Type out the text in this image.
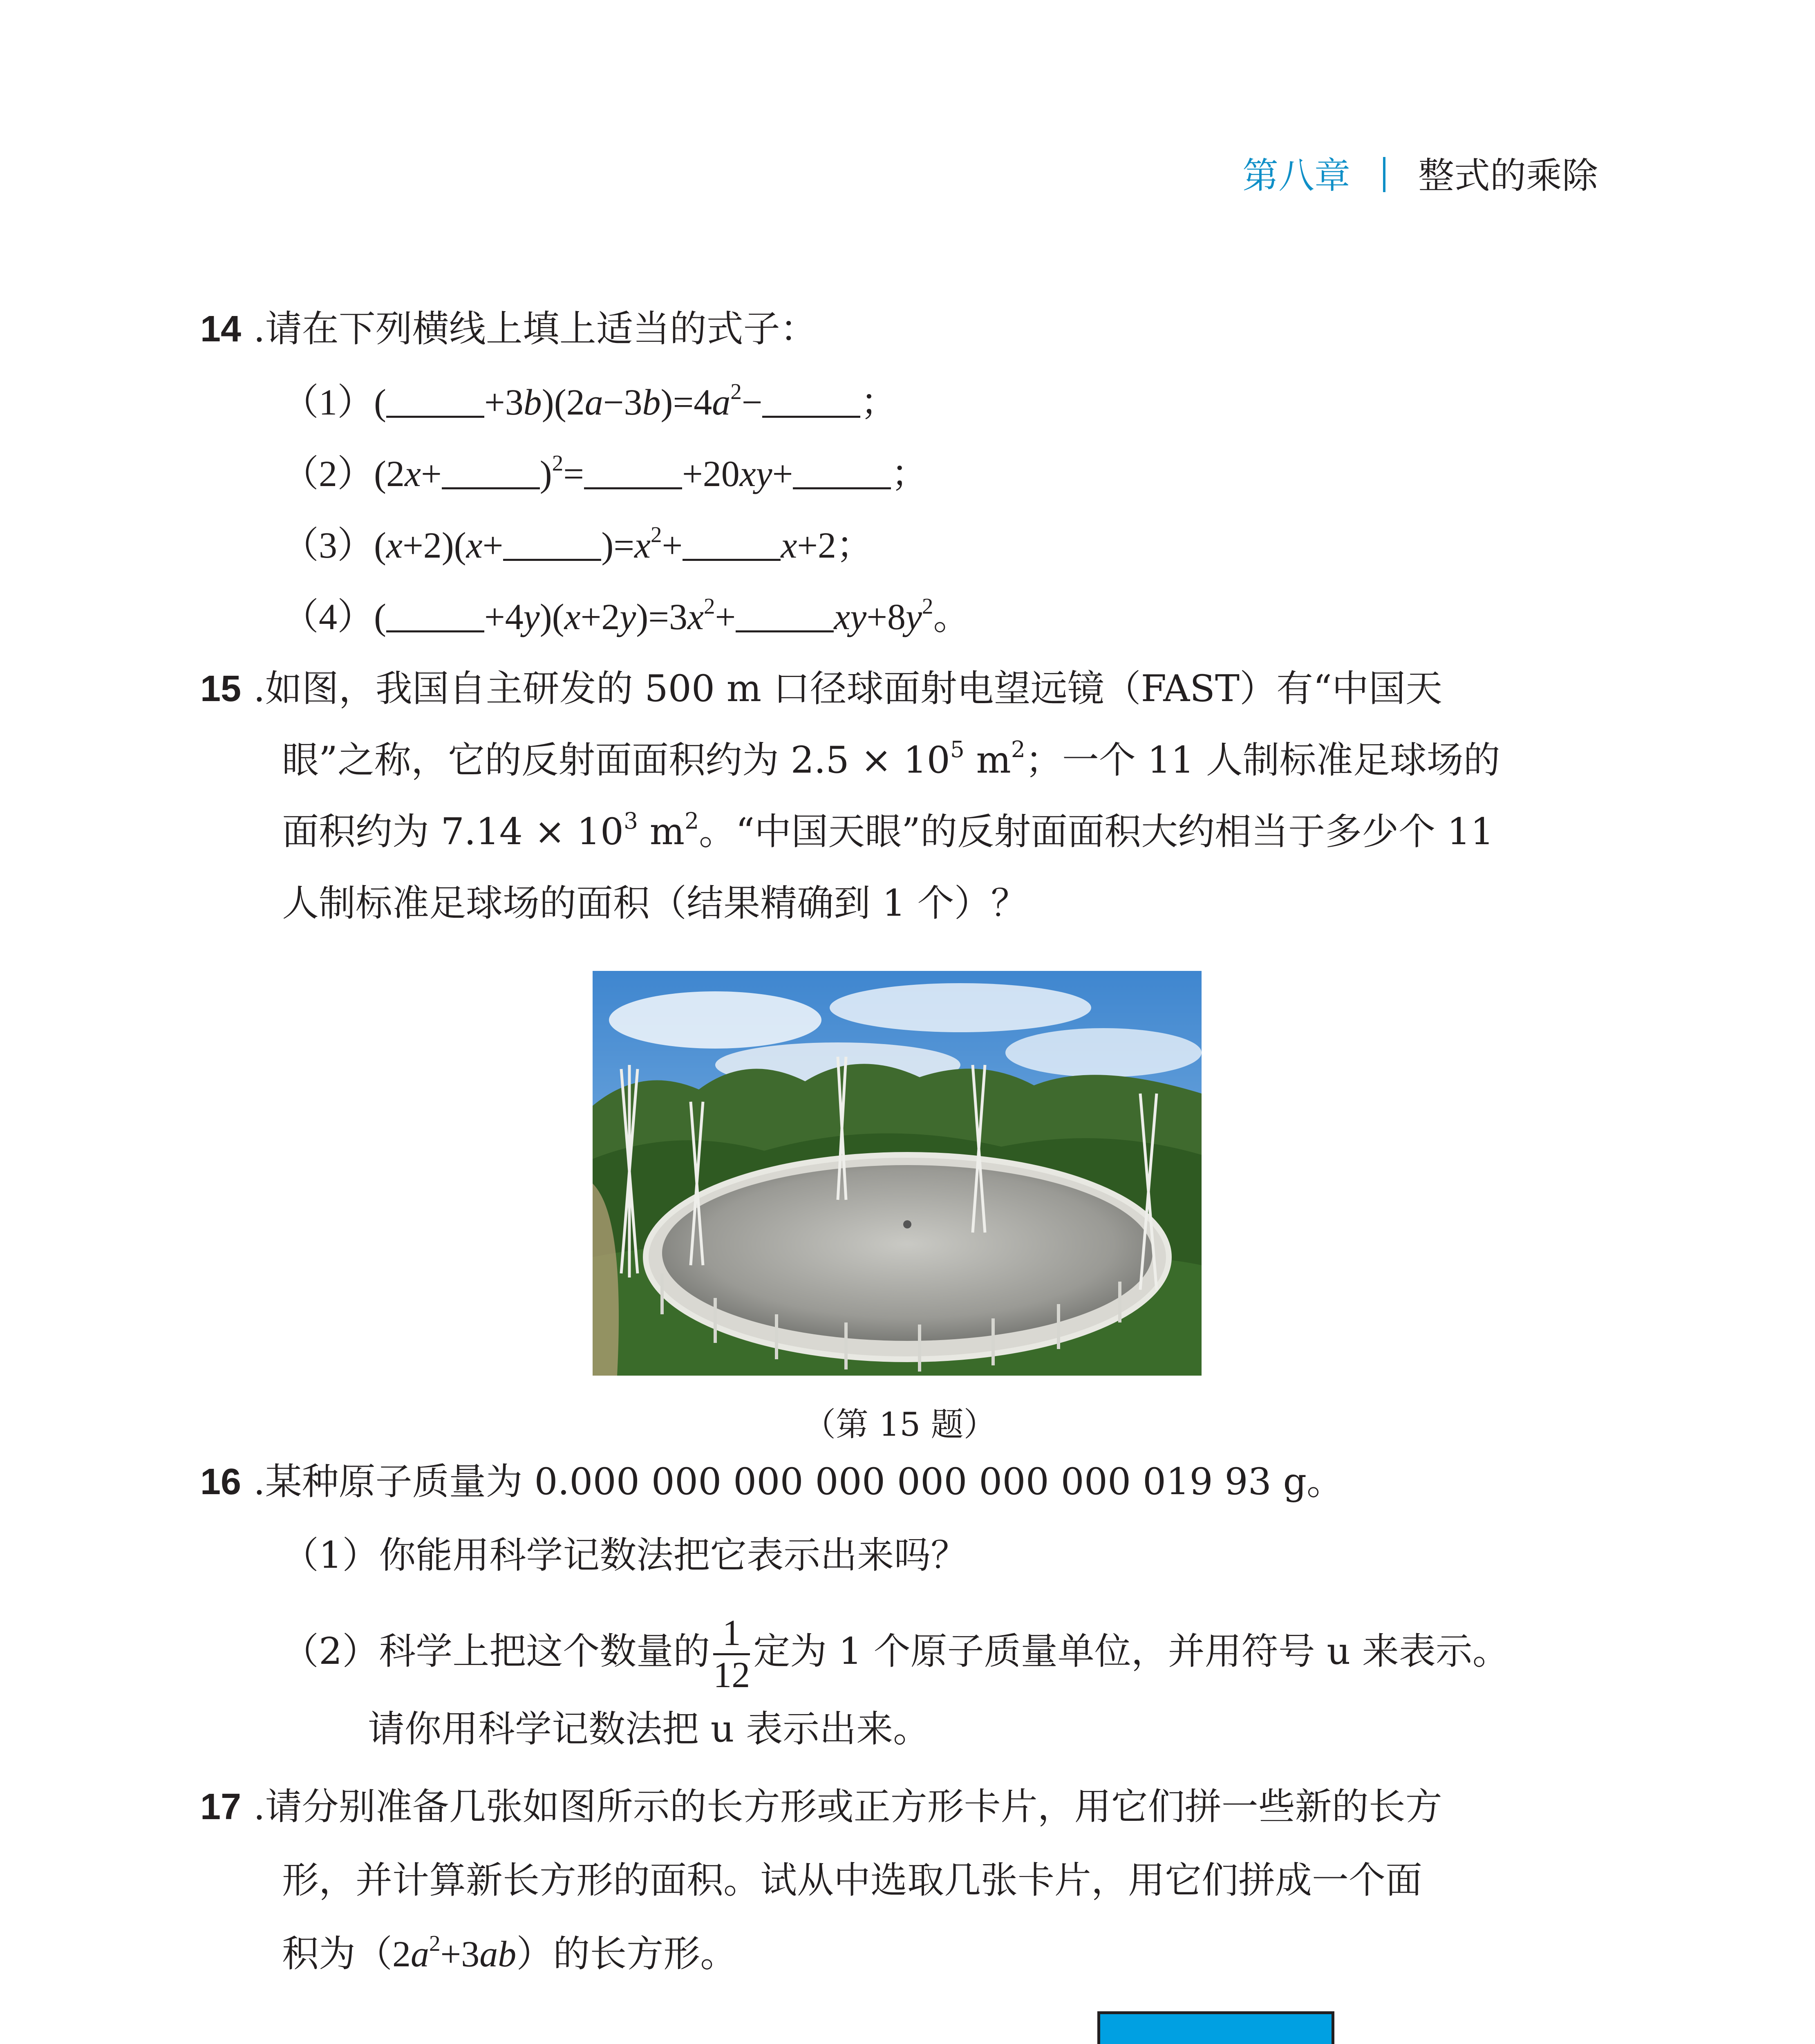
第八章 整式的乘除
14 .请在下列横线上填上适当的式子：
（1）(	$+3b)(2a-3b)=4a^2-$	；
（2）(2x+	)$^2$=	+20xy+	；
（3）(x+2)(x+	)$=x^2+$	x+2；
（4）(	$+4y)(x+2y)=3x^2+$	$xy+8y^2$。
15 .如图，我国自主研发的 500 m 口径球面射电望远镜（FAST）有“中国天
眼”之称，它的反射面面积约为 $2.5 \times 10^5$ $m^2$；一个 11 人制标准足球场的
面积约为 $7.14 \times 10^3$ $m^2$。“中国天眼”的反射面面积大约相当于多少个 11
人制标准足球场的面积（结果精确到 1 个）？
（第 15 题）
16 .某种原子质量为 0.000 000 000 000 000 000 000 019 93 g。
（1）你能用科学记数法把它表示出来吗？
（2）科学上把这个数量的 $\frac{1}{12}$ 定为 1 个原子质量单位，并用符号 u 来表示。
请你用科学记数法把 u 表示出来。
17 .请分别准备几张如图所示的长方形或正方形卡片，用它们拼一些新的长方
形，并计算新长方形的面积。试从中选取几张卡片，用它们拼成一个面
积为$(2a^2+3ab)$的长方形。
